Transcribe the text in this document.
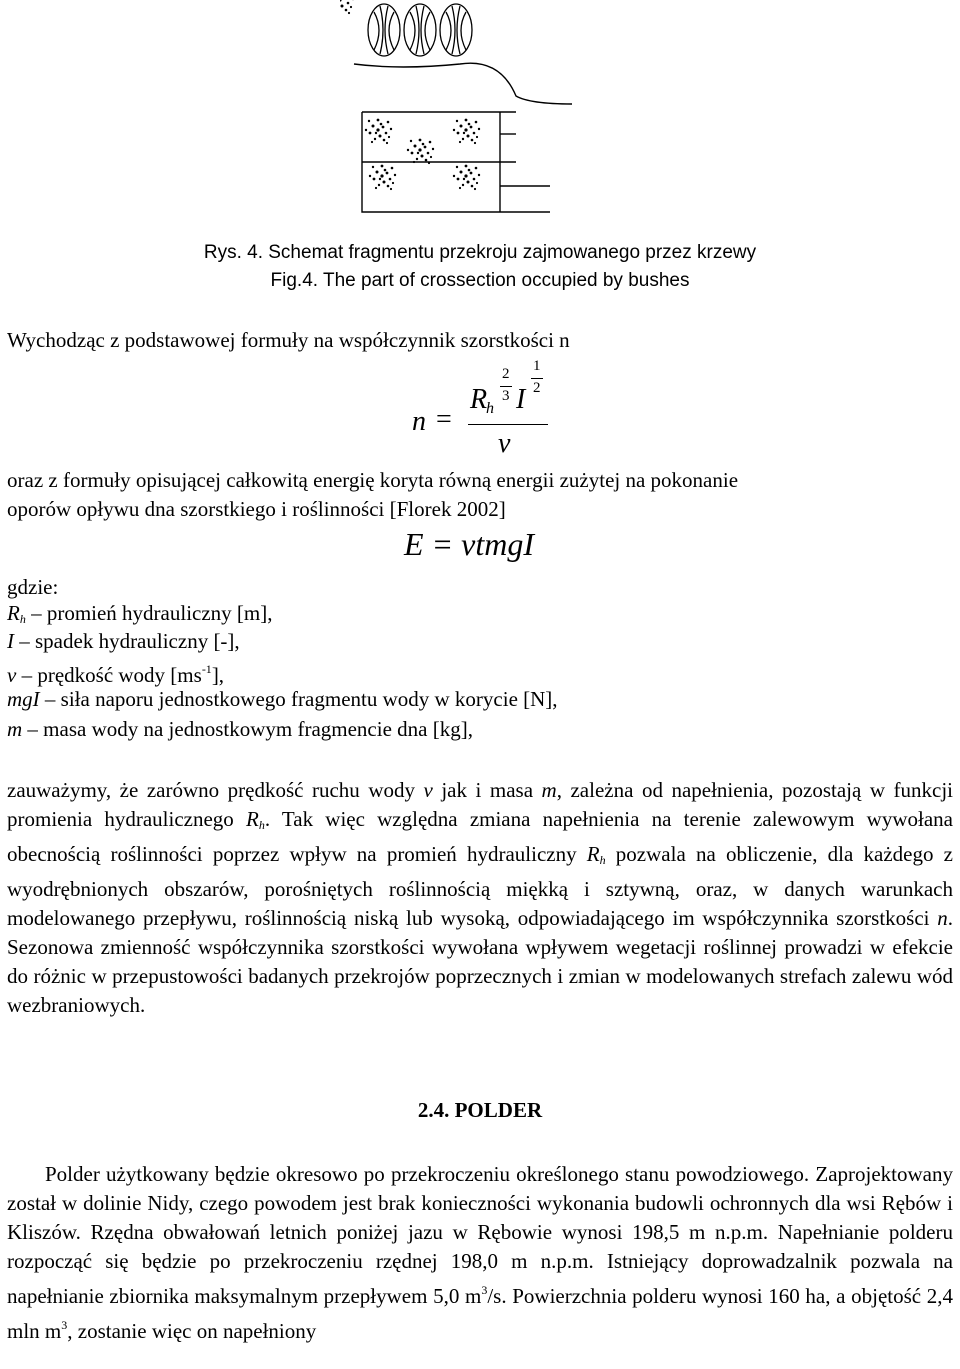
Rys. 4. Schemat fragmentu przekroju zajmowanego przez krzewy
Fig.4. The part of crossection occupied by bushes
Wychodząc z podstawowej formuły na współczynnik szorstkości n
n =
R
h
2
3 I
1
2
v
oraz z formuły opisującej całkowitą energię koryta równą energii zużytej na pokonanie
oporów opływu dna szorstkiego i roślinności [Florek 2002]
E = vtmgI
gdzie:
$R_h$ – promień hydrauliczny [m],
I – spadek hydrauliczny [-],
v – prędkość wody $[ms^{-1}]$,
mgI – siła naporu jednostkowego fragmentu wody w korycie [N],
m – masa wody na jednostkowym fragmencie dna [kg],
zauważymy, że zarówno prędkość ruchu wody v jak i masa m, zależna od napełnienia, pozostają w funkcji promienia hydraulicznego $R_h$. Tak więc względna zmiana napełnienia na terenie zalewowym wywołana obecnością roślinności poprzez wpływ na promień hydrauliczny $R_h$ pozwala na obliczenie, dla każdego z wyodrębnionych obszarów, porośniętych roślinnością miękką i sztywną, oraz, w danych warunkach modelowanego przepływu, roślinnością niską lub wysoką, odpowiadającego im współczynnika szorstkości n. Sezonowa zmienność współczynnika szorstkości wywołana wpływem wegetacji roślinnej prowadzi w efekcie do różnic w przepustowości badanych przekrojów poprzecznych i zmian w modelowanych strefach zalewu wód wezbraniowych.
2.4. POLDER
Polder użytkowany będzie okresowo po przekroczeniu określonego stanu powodziowego. Zaprojektowany został w dolinie Nidy, czego powodem jest brak konieczności wykonania budowli ochronnych dla wsi Rębów i Kliszów. Rzędna obwałowań letnich poniżej jazu w Rębowie wynosi 198,5 m n.p.m. Napełnianie polderu rozpocząć się będzie po przekroczeniu rzędnej 198,0 m n.p.m. Istniejący doprowadzalnik pozwala na napełnianie zbiornika maksymalnym przepływem 5,0 $m^3/s$. Powierzchnia polderu wynosi 160 ha, a objętość 2,4 mln $m^3$, zostanie więc on napełniony
